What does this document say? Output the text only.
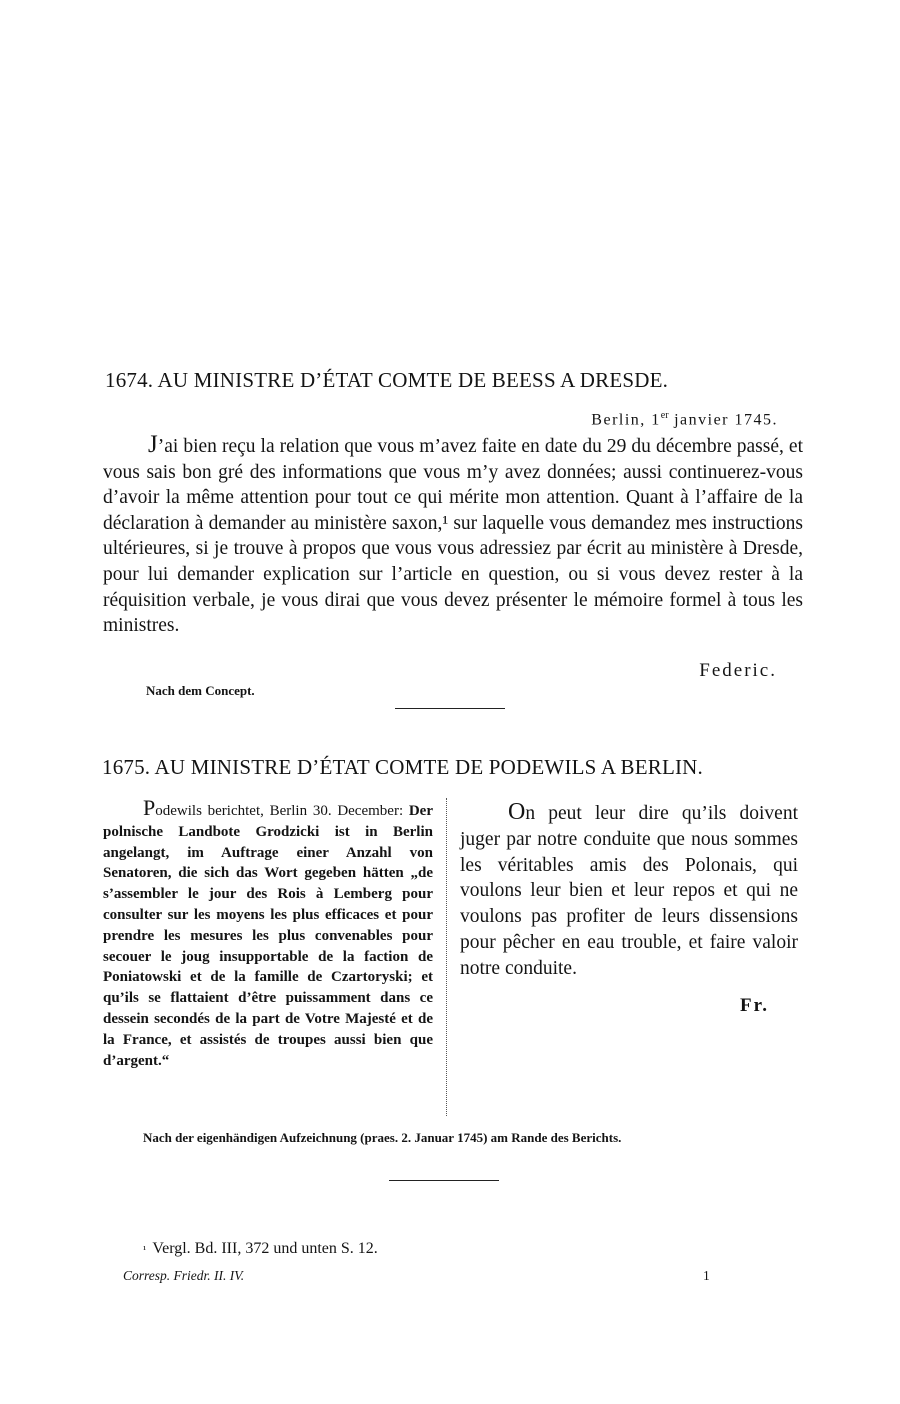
1674. AU MINISTRE D’ÉTAT COMTE DE BEESS A DRESDE.
Berlin, 1er janvier 1745.

J’ai bien reçu la relation que vous m’avez faite en date du 29 du décembre passé, et vous sais bon gré des informations que vous m’y avez données; aussi continuerez-vous d’avoir la même attention pour tout ce qui mérite mon attention. Quant à l’affaire de la déclaration à demander au ministère saxon,¹ sur laquelle vous demandez mes instructions ultérieures, si je trouve à propos que vous vous adressiez par écrit au ministère à Dresde, pour lui demander explication sur l’article en question, ou si vous devez rester à la réquisition verbale, je vous dirai que vous devez présenter le mémoire formel à tous les ministres.

Federic.
Nach dem Concept.
1675. AU MINISTRE D’ÉTAT COMTE DE PODEWILS A BERLIN.

Podewils berichtet, Berlin 30. December: Der polnische Landbote Grodzicki ist in Berlin angelangt, im Auftrage einer Anzahl von Senatoren, die sich das Wort gegeben hätten „de s’assembler le jour des Rois à Lemberg pour consulter sur les moyens les plus efficaces et pour prendre les mesures les plus convenables pour secouer le joug insupportable de la faction de Poniatowski et de la famille de Czartoryski; et qu’ils se flattaient d’être puissamment dans ce dessein secondés de la part de Votre Majesté et de la France, et assistés de troupes aussi bien que d’argent.“

On peut leur dire qu’ils doivent juger par notre conduite que nous sommes les véritables amis des Polonais, qui voulons leur bien et leur repos et qui ne voulons pas profiter de leurs dissensions pour pêcher en eau trouble, et faire valoir notre conduite.

Fr.
Nach der eigenhändigen Aufzeichnung (praes. 2. Januar 1745) am Rande des Berichts.
¹ Vergl. Bd. III, 372 und unten S. 12.
Corresp. Friedr. II. IV.	1
